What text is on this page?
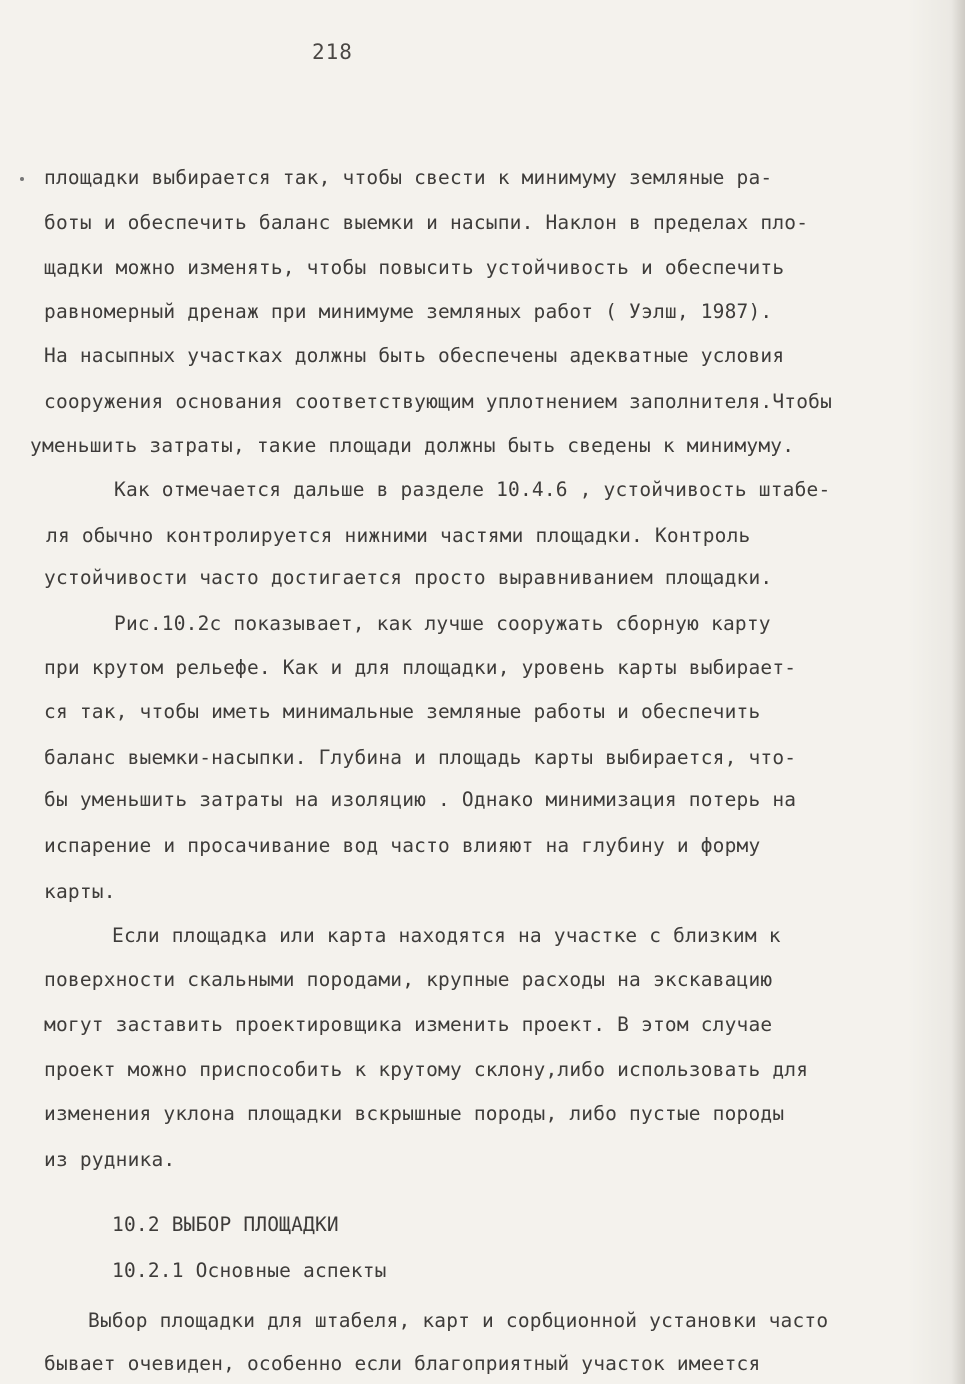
218
площадки выбирается так, чтобы свести к минимуму земляные ра-
боты и обеспечить баланс выемки и насыпи. Наклон в пределах пло-
щадки можно изменять, чтобы повысить устойчивость и обеспечить
равномерный дренаж при минимуме земляных работ ( Уэлш, 1987).
На насыпных участках должны быть обеспечены адекватные условия
сооружения основания соответствующим уплотнением заполнителя.Чтобы
уменьшить затраты, такие площади должны быть сведены к минимуму.
Как отмечается дальше в разделе 10.4.6 , устойчивость штабе-
ля обычно контролируется нижними частями площадки. Контроль
устойчивости часто достигается просто выравниванием площадки.
Рис.10.2с показывает, как лучше сооружать сборную карту
при крутом рельефе. Как и для площадки, уровень карты выбирает-
ся так, чтобы иметь минимальные земляные работы и обеспечить
баланс выемки-насыпки. Глубина и площадь карты выбирается, что-
бы уменьшить затраты на изоляцию . Однако минимизация потерь на
испарение и просачивание вод часто влияют на глубину и форму
карты.
Если площадка или карта находятся на участке с близким к
поверхности скальными породами, крупные расходы на экскавацию
могут заставить проектировщика изменить проект. В этом случае
проект можно приспособить к крутому склону,либо использовать для
изменения уклона площадки вскрышные породы, либо пустые породы
из рудника.
10.2 ВЫБОР ПЛОЩАДКИ
10.2.1 Основные аспекты
Выбор площадки для штабеля, карт и сорбционной установки часто
бывает очевиден, особенно если благоприятный участок имеется
